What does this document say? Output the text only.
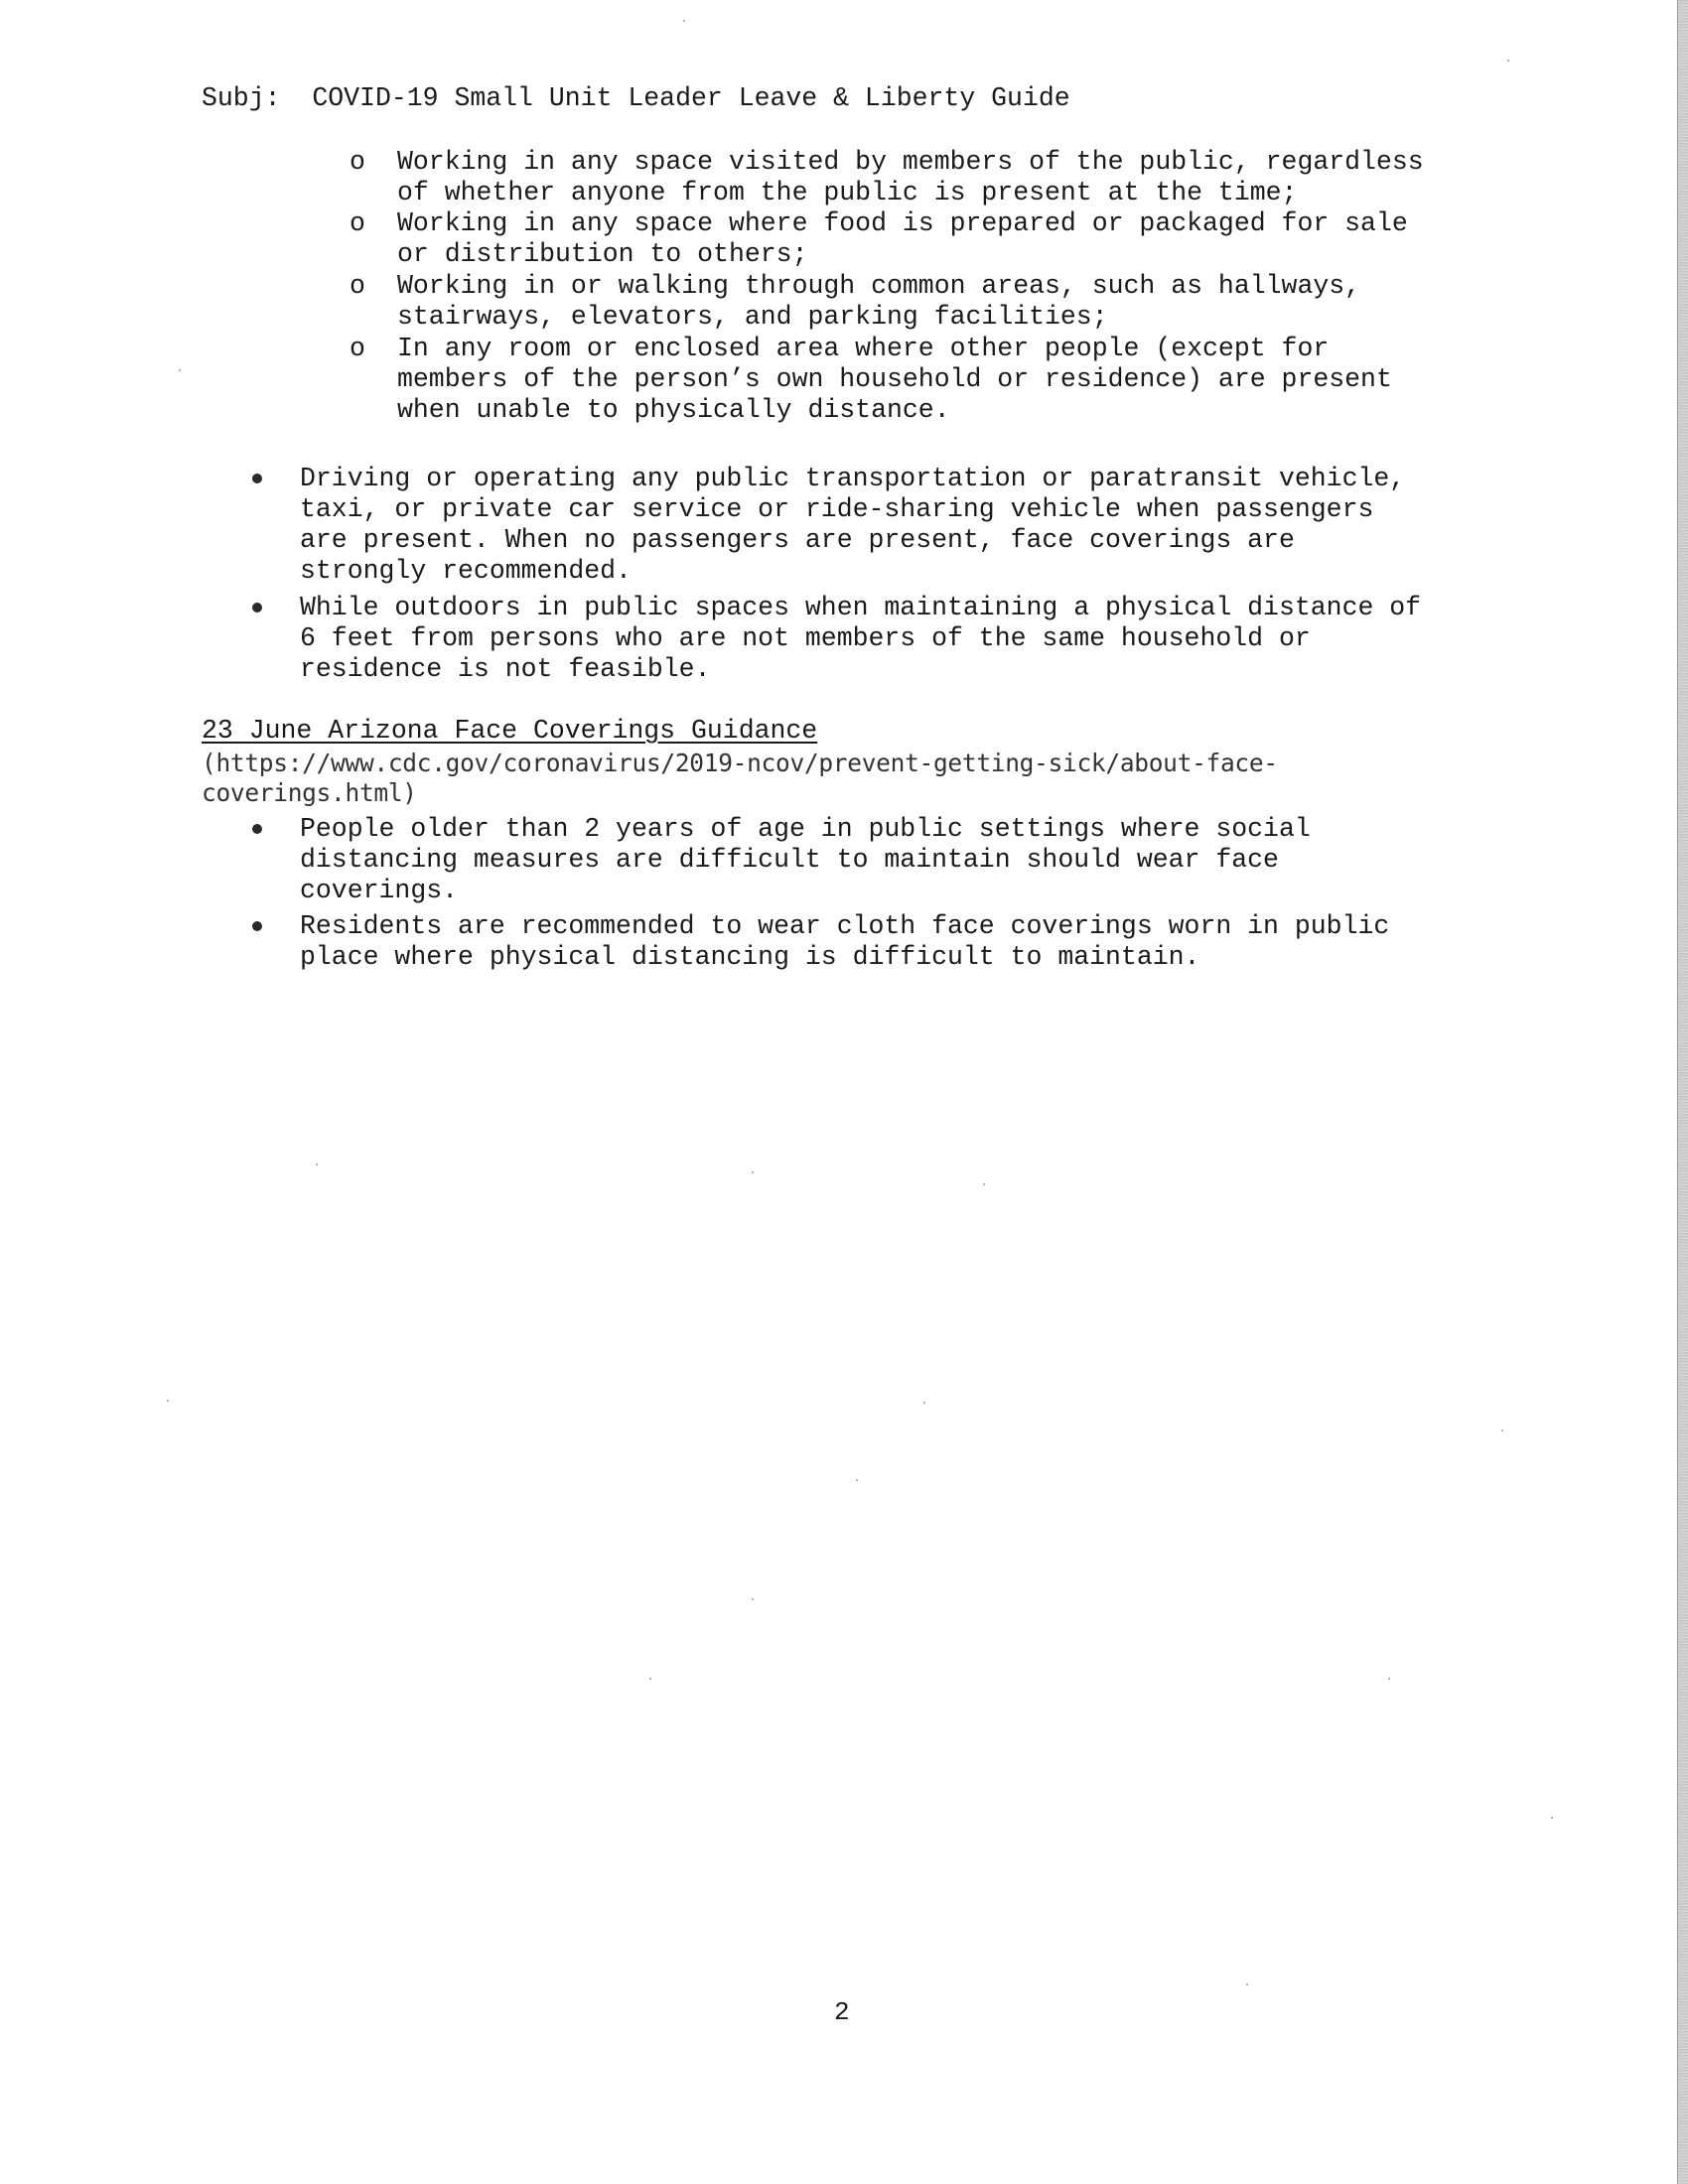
Subj: COVID-19 Small Unit Leader Leave & Liberty Guide
o Working in any space visited by members of the public, regardless
of whether anyone from the public is present at the time;
o Working in any space where food is prepared or packaged for sale
or distribution to others;
o Working in or walking through common areas, such as hallways,
stairways, elevators, and parking facilities;
o In any room or enclosed area where other people (except for
members of the person’s own household or residence) are present
when unable to physically distance.
Driving or operating any public transportation or paratransit vehicle,
taxi, or private car service or ride-sharing vehicle when passengers
are present. When no passengers are present, face coverings are
strongly recommended.
While outdoors in public spaces when maintaining a physical distance of
6 feet from persons who are not members of the same household or
residence is not feasible.
23 June Arizona Face Coverings Guidance
(https://www.cdc.gov/coronavirus/2019-ncov/prevent-getting-sick/about-face-
coverings.html)
People older than 2 years of age in public settings where social
distancing measures are difficult to maintain should wear face
coverings.
Residents are recommended to wear cloth face coverings worn in public
place where physical distancing is difficult to maintain.
2
